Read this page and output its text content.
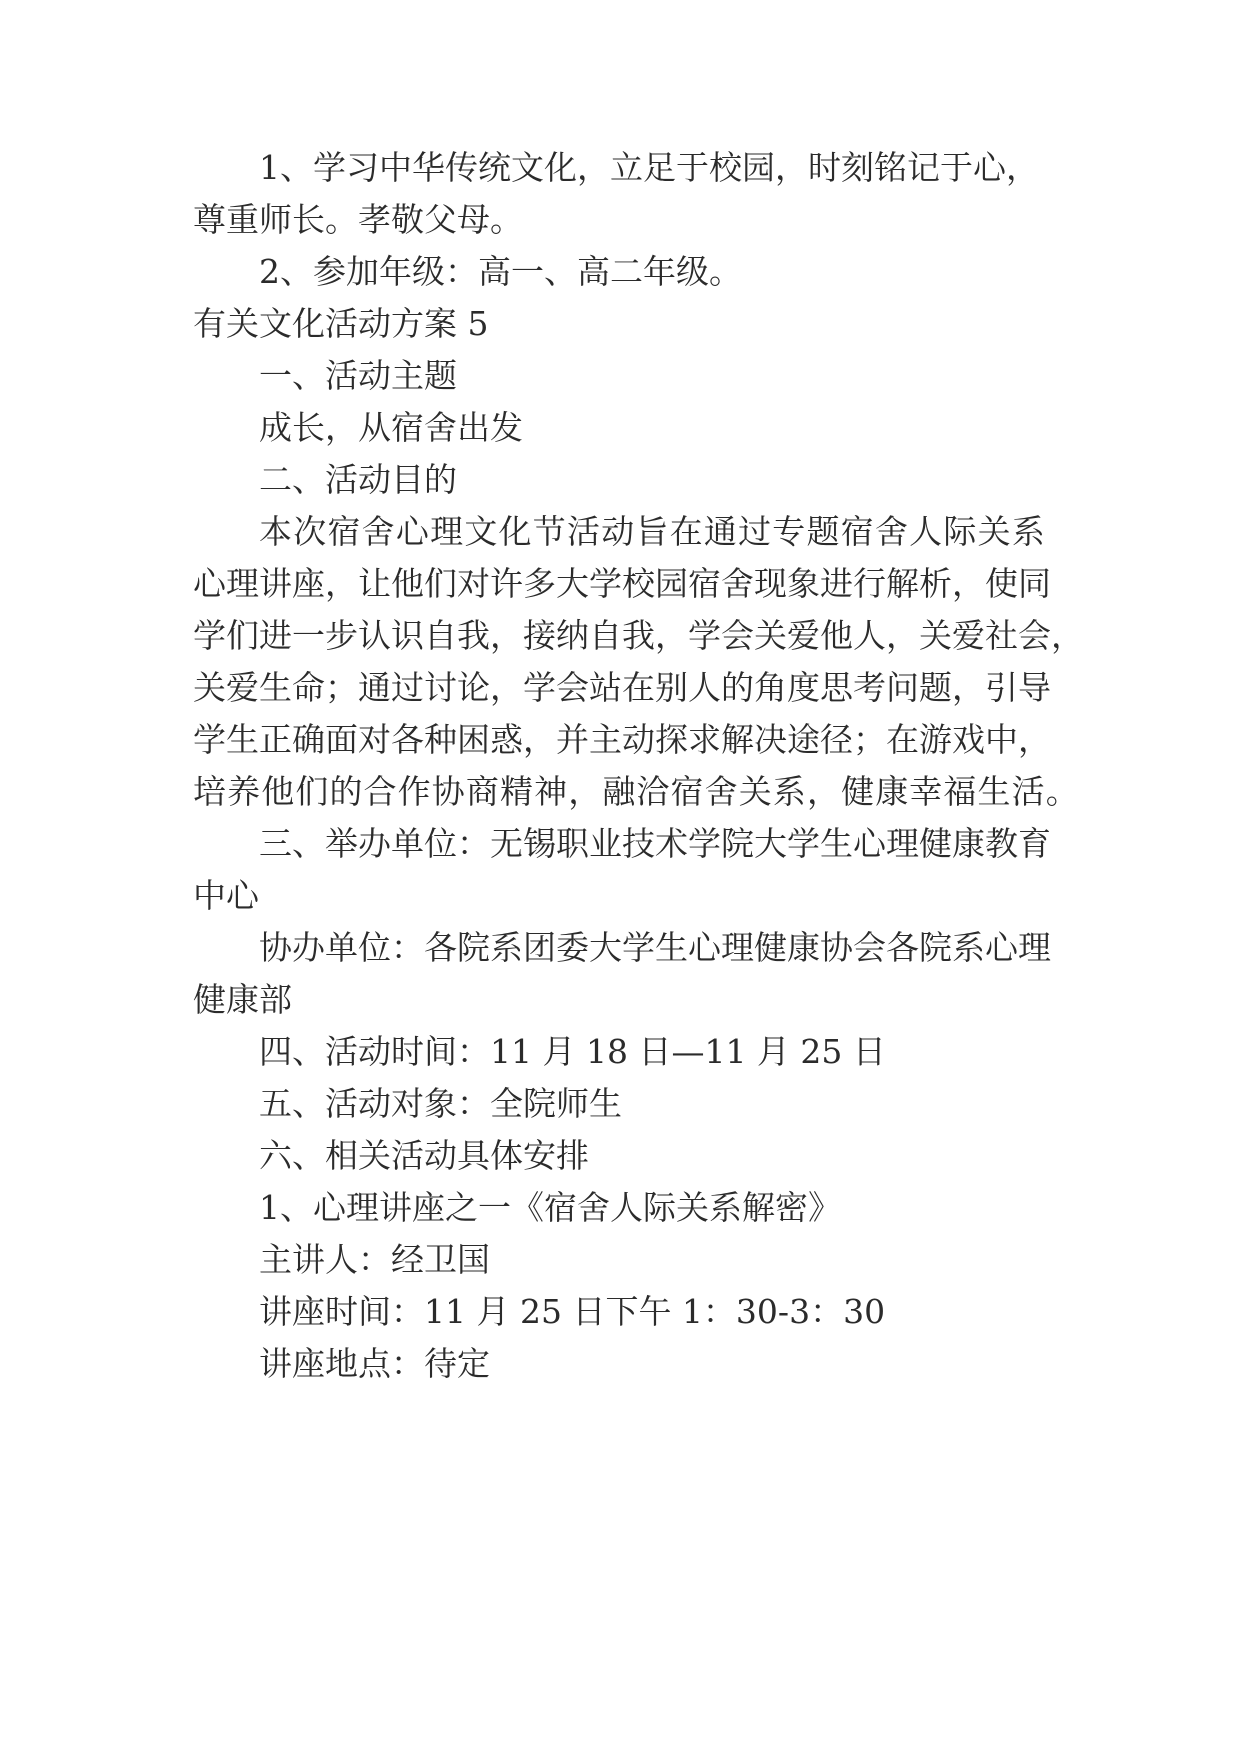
1、学习中华传统文化，立足于校园，时刻铭记于心，

尊重师长。孝敬父母。

2、参加年级：高一、高二年级。

有关文化活动方案 5

一、活动主题

成长，从宿舍出发

二、活动目的

本 次 宿 舍 心 理 文 化 节 活 动 旨 在 通 过 专 题 宿 舍 人 际 关 系

心 理 讲 座 ， 让 他 们 对 许 多 大 学 校 园 宿 舍 现 象 进 行 解 析 ， 使 同

学 们 进 一 步 认 识 自 我 ， 接 纳 自 我 ， 学 会 关 爱 他 人 ， 关 爱 社 会 ，

关 爱 生 命 ； 通 过 讨 论 ， 学 会 站 在 别 人 的 角 度 思 考 问 题 ， 引 导

学 生 正 确 面 对 各 种 困 惑 ， 并 主 动 探 求 解 决 途 径 ； 在 游 戏 中 ，

培 养 他 们 的 合 作 协 商 精 神 ， 融 洽 宿 舍 关 系 ， 健 康 幸 福 生 活 。

三 、 举 办 单 位 ： 无 锡 职 业 技 术 学 院 大 学 生 心 理 健 康 教 育

中心

协 办 单 位 ： 各 院 系 团 委 大 学 生 心 理 健 康 协 会 各 院 系 心 理

健康部

四、活动时间：11 月 18 日—11 月 25 日

五、活动对象：全院师生

六、相关活动具体安排

1、心理讲座之一《宿舍人际关系解密》

主讲人：经卫国

讲座时间：11 月 25 日下午 1：30-3：30

讲座地点：待定
